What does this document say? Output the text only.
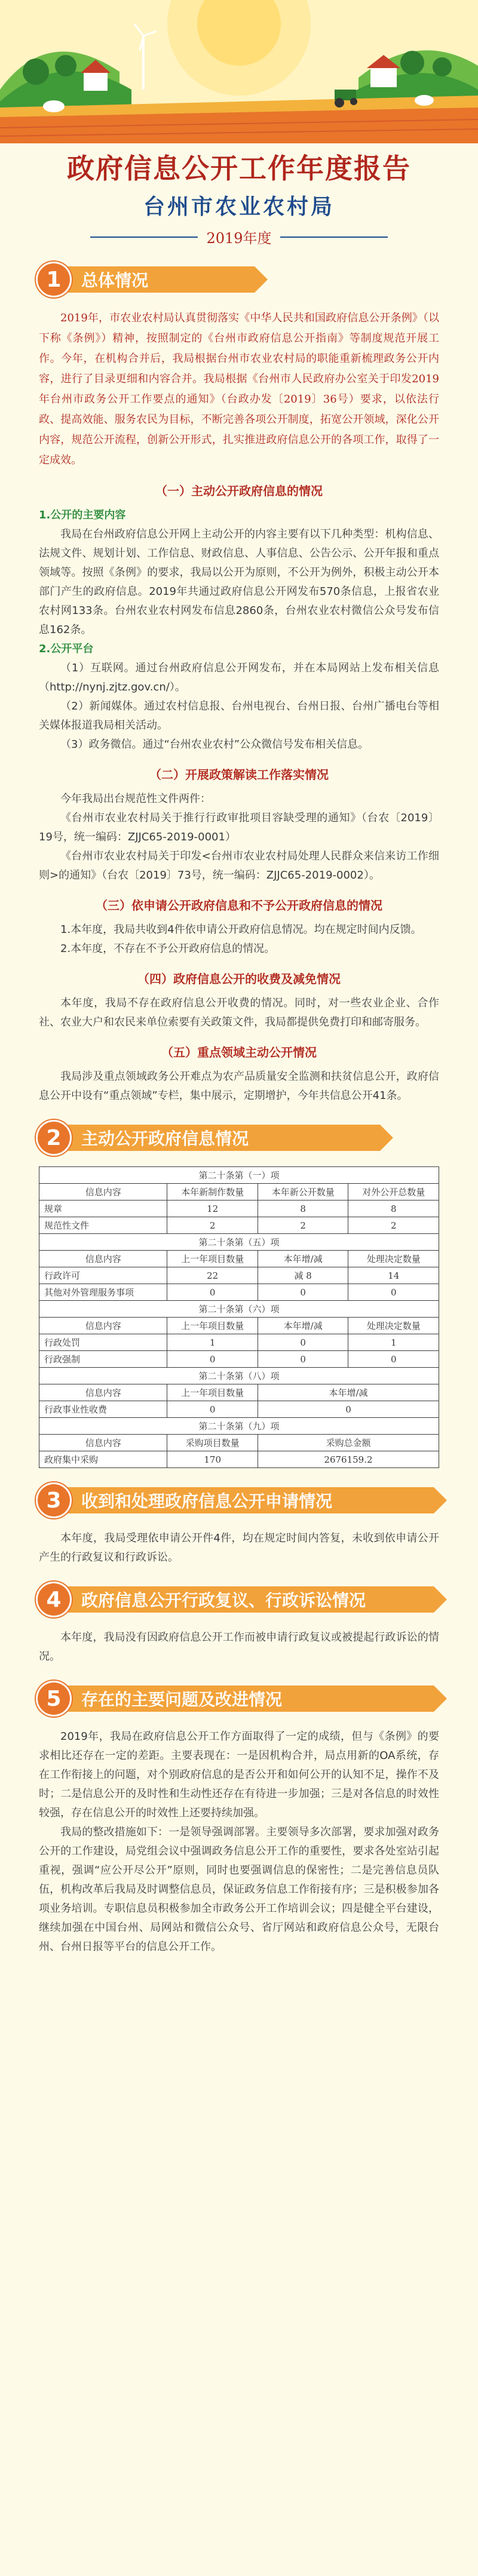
政府信息公开工作年度报告
台州市农业农村局
2019年度
1	总体情况

2019年，市农业农村局认真贯彻落实《中华人民共和国政府信息公开条例》（以下称《条例》）精神，按照制定的《台州市政府信息公开指南》等制度规范开展工作。今年，在机构合并后，我局根据台州市农业农村局的职能重新梳理政务公开内容，进行了目录更细和内容合并。我局根据《台州市人民政府办公室关于印发2019年台州市政务公开工作要点的通知》（台政办发〔2019〕36号）要求，以依法行政、提高效能、服务农民为目标，不断完善各项公开制度，拓宽公开领域，深化公开内容，规范公开流程，创新公开形式，扎实推进政府信息公开的各项工作，取得了一定成效。

（一）主动公开政府信息的情况

1.公开的主要内容

我局在台州政府信息公开网上主动公开的内容主要有以下几种类型：机构信息、法规文件、规划计划、工作信息、财政信息、人事信息、公告公示、公开年报和重点领域等。按照《条例》的要求，我局以公开为原则，不公开为例外，积极主动公开本部门产生的政府信息。2019年共通过政府信息公开网发布570条信息，上报省农业农村网133条。台州农业农村网发布信息2860条，台州农业农村微信公众号发布信息162条。

2.公开平台

（1）互联网。通过台州政府信息公开网发布，并在本局网站上发布相关信息（http://nynj.zjtz.gov.cn/）。

（2）新闻媒体。通过农村信息报、台州电视台、台州日报、台州广播电台等相关媒体报道我局相关活动。

（3）政务微信。通过“台州农业农村”公众微信号发布相关信息。

（二）开展政策解读工作落实情况

今年我局出台规范性文件两件：

《台州市农业农村局关于推行行政审批项目容缺受理的通知》（台农〔2019〕19号，统一编码：ZJJC65-2019-0001）

《台州市农业农村局关于印发<台州市农业农村局处理人民群众来信来访工作细则>的通知》（台农〔2019〕73号，统一编码：ZJJC65-2019-0002）。

（三）依申请公开政府信息和不予公开政府信息的情况

1.本年度，我局共收到4件依申请公开政府信息情况。均在规定时间内反馈。

2.本年度，不存在不予公开政府信息的情况。

（四）政府信息公开的收费及减免情况

本年度，我局不存在政府信息公开收费的情况。同时，对一些农业企业、合作社、农业大户和农民来单位索要有关政策文件，我局都提供免费打印和邮寄服务。

（五）重点领域主动公开情况

我局涉及重点领域政务公开难点为农产品质量安全监测和扶贫信息公开，政府信息公开中设有“重点领域”专栏，集中展示，定期增护，今年共信息公开41条。

2	主动公开政府信息情况
第二十条第（一）项			
信息内容	本年新制作数量	本年新公开数量	对外公开总数量
规章	12	8	8
规范性文件	2	2	2
第二十条第（五）项			
信息内容	上一年项目数量	本年增/减	处理决定数量
行政许可	22	减 8	14
其他对外管理服务事项	0	0	0
第二十条第（六）项			
信息内容	上一年项目数量	本年增/减	处理决定数量
行政处罚	1	0	1
行政强制	0	0	0
第二十条第（八）项			
信息内容	上一年项目数量	本年增/减	
行政事业性收费	0	0	
第二十条第（九）项			
信息内容	采购项目数量	采购总金额	
政府集中采购	170	2676159.2	
3	收到和处理政府信息公开申请情况

本年度，我局受理依申请公开件4件，均在规定时间内答复，未收到依申请公开产生的行政复议和行政诉讼。

4	政府信息公开行政复议、行政诉讼情况

本年度，我局没有因政府信息公开工作而被申请行政复议或被提起行政诉讼的情况。

5	存在的主要问题及改进情况

2019年，我局在政府信息公开工作方面取得了一定的成绩，但与《条例》的要求相比还存在一定的差距。主要表现在：一是因机构合并，局点用新的OA系统，存在工作衔接上的问题，对个别政府信息的是否公开和如何公开的认知不足，操作不及时；二是信息公开的及时性和生动性还存在有待进一步加强；三是对各信息的时效性较强，存在信息公开的时效性上还要持续加强。

我局的整改措施如下：一是领导强调部署。主要领导多次部署，要求加强对政务公开的工作建设，局党组会议中强调政务信息公开工作的重要性，要求各处室站引起重视，强调“应公开尽公开”原则，同时也要强调信息的保密性；二是完善信息员队伍，机构改革后我局及时调整信息员，保证政务信息工作衔接有序；三是积极参加各项业务培训。专职信息员积极参加全市政务公开工作培训会议；四是健全平台建设，继续加强在中国台州、局网站和微信公众号、省厅网站和政府信息公众号，无限台州、台州日报等平台的信息公开工作。
